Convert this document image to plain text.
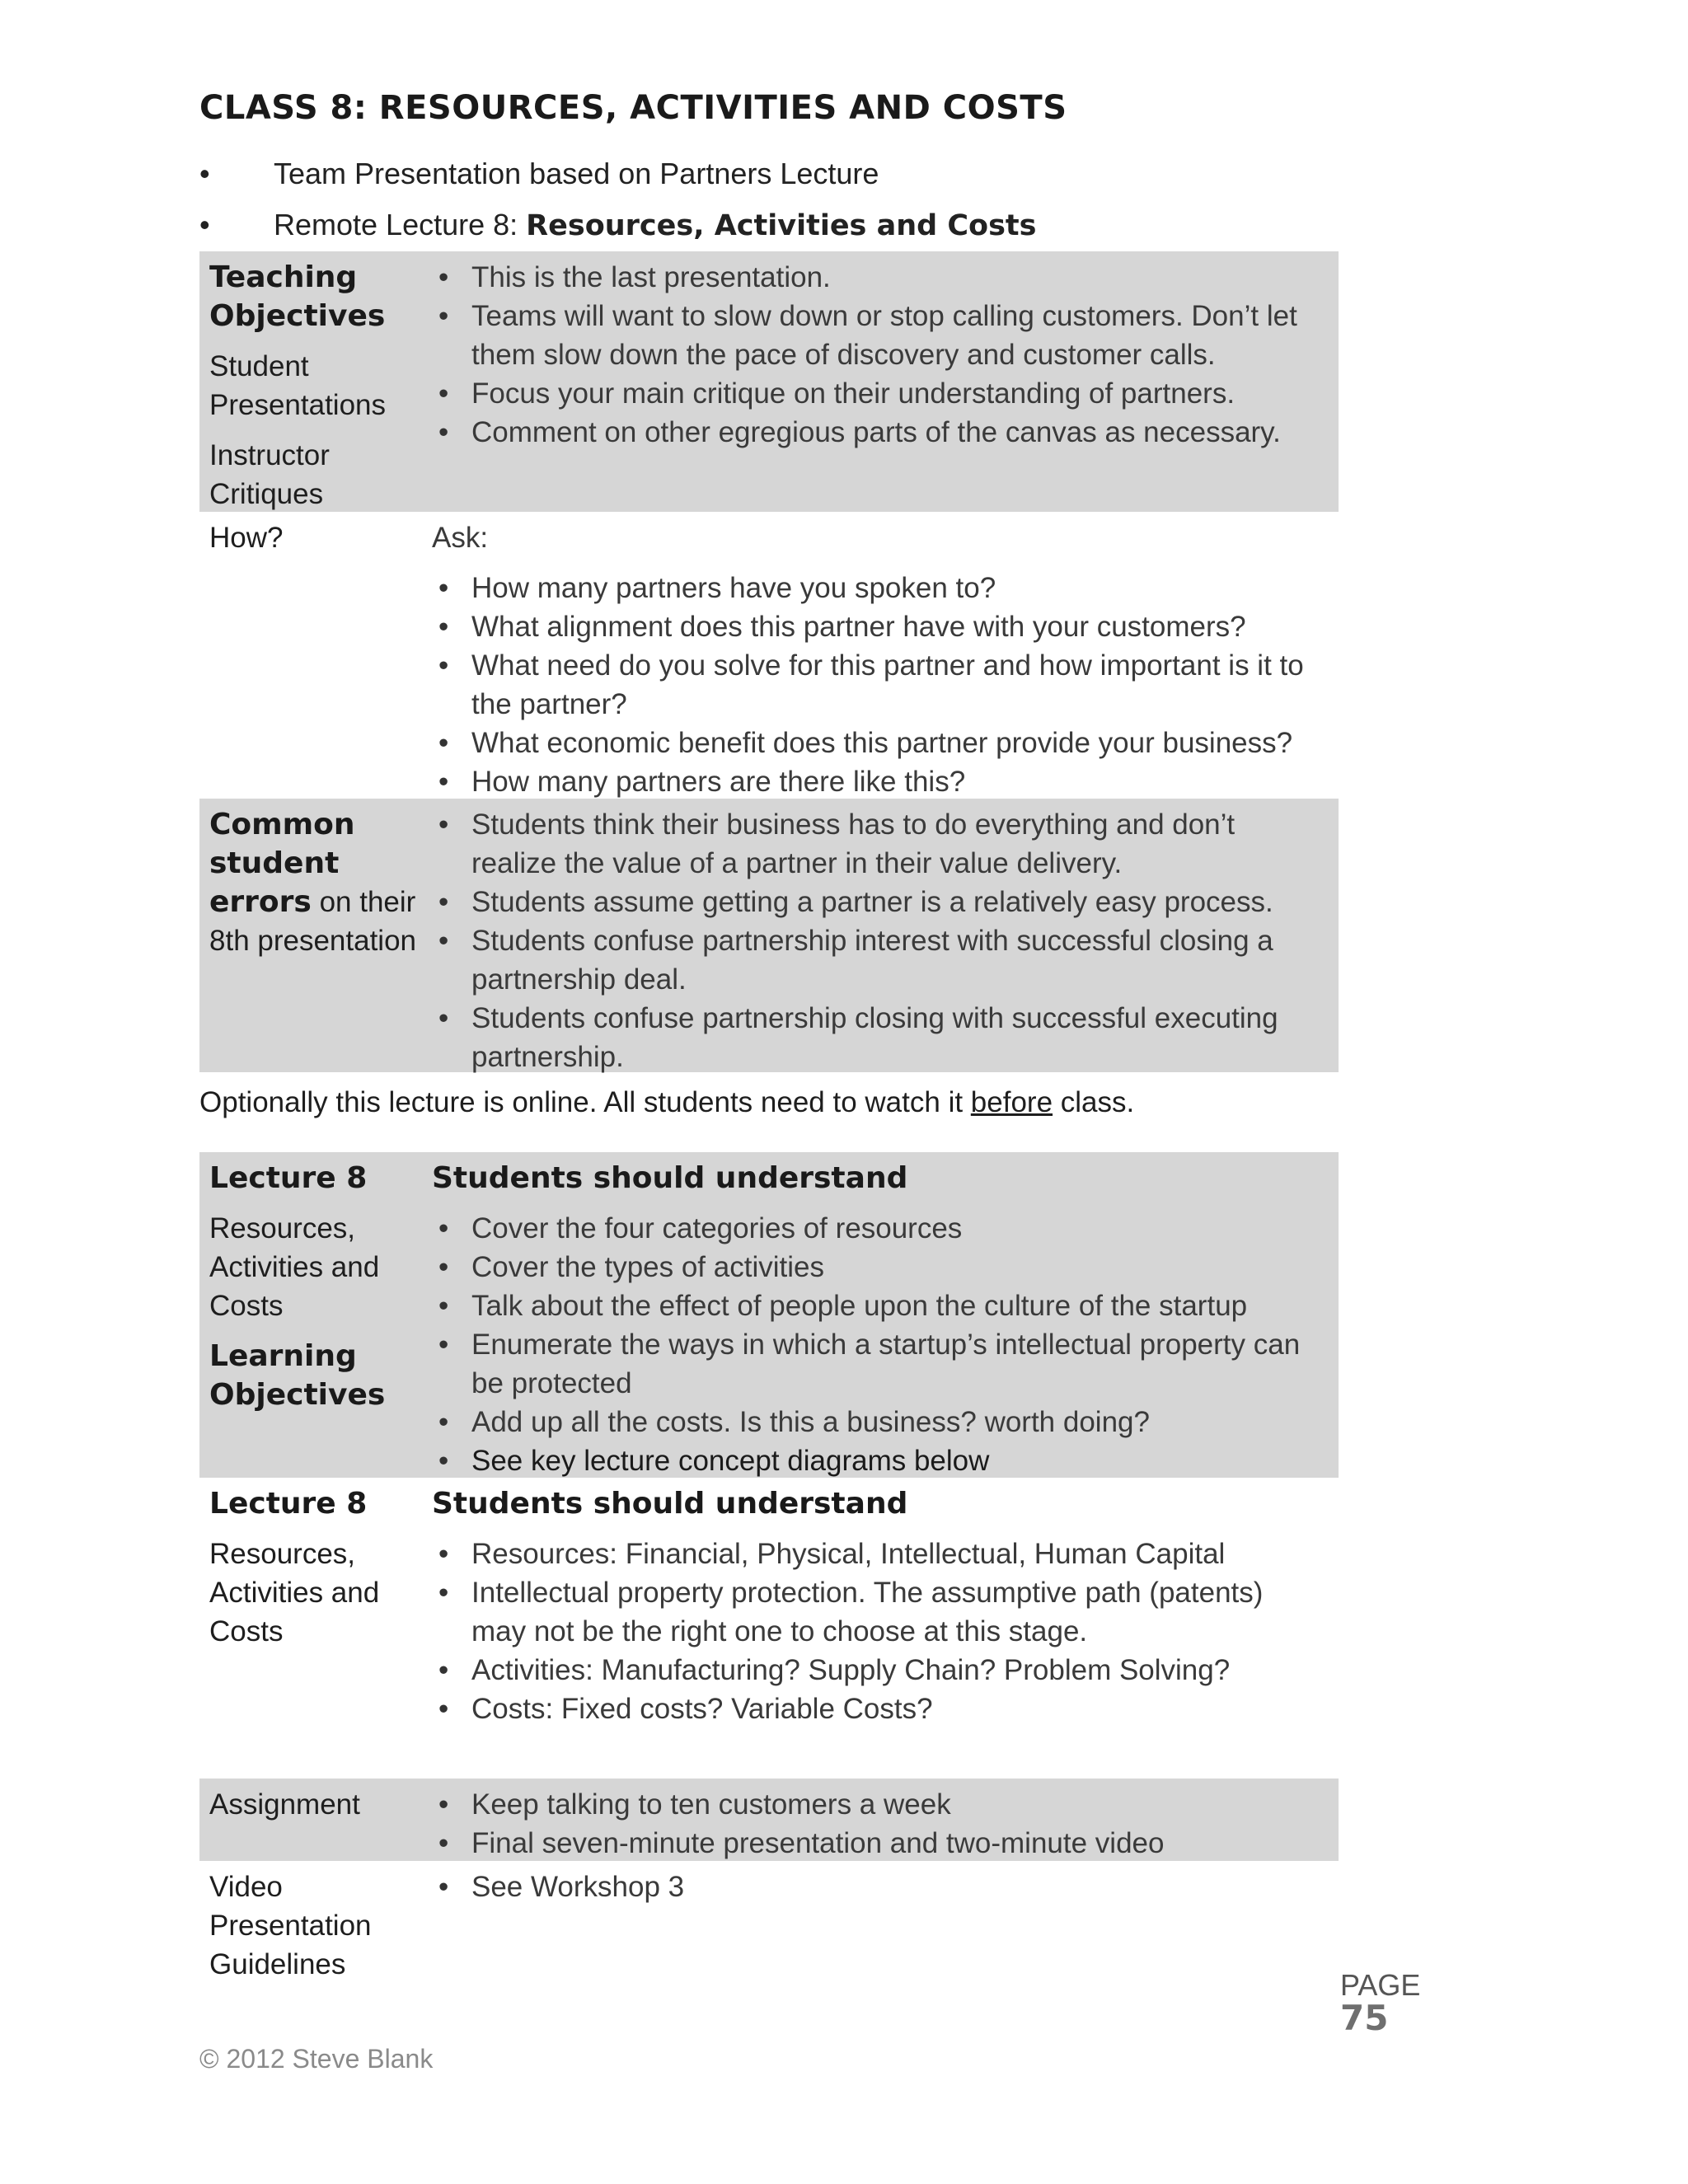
CLASS 8: RESOURCES, ACTIVITIES AND COSTS
• Team Presentation based on Partners Lecture
• Remote Lecture 8: Resources, Activities and Costs
Teaching Objectives
Student Presentations
Instructor Critiques
• This is the last presentation.
• Teams will want to slow down or stop calling customers. Don’t let them slow down the pace of discovery and customer calls.
• Focus your main critique on their understanding of partners.
• Comment on other egregious parts of the canvas as necessary.
How?	Ask:
• How many partners have you spoken to?
• What alignment does this partner have with your customers?
• What need do you solve for this partner and how important is it to the partner?
• What economic benefit does this partner provide your business?
• How many partners are there like this?
Common student errors on their 8th presentation
• Students think their business has to do everything and don’t realize the value of a partner in their value delivery.
• Students assume getting a partner is a relatively easy process.
• Students confuse partnership interest with successful closing a partnership deal.
• Students confuse partnership closing with successful executing partnership.
Optionally this lecture is online. All students need to watch it before class.
Lecture 8
Resources, Activities and Costs
Learning Objectives
Students should understand
• Cover the four categories of resources
• Cover the types of activities
• Talk about the effect of people upon the culture of the startup
• Enumerate the ways in which a startup’s intellectual property can be protected
• Add up all the costs. Is this a business? worth doing?
• See key lecture concept diagrams below
Lecture 8
Resources, Activities and Costs
Students should understand
• Resources: Financial, Physical, Intellectual, Human Capital
• Intellectual property protection. The assumptive path (patents) may not be the right one to choose at this stage.
• Activities: Manufacturing? Supply Chain? Problem Solving?
• Costs: Fixed costs? Variable Costs?
Assignment
•	Keep talking to ten customers a week
• Final seven-minute presentation and two-minute video
Video Presentation Guidelines
• See Workshop 3
PAGE
75
© 2012 Steve Blank
